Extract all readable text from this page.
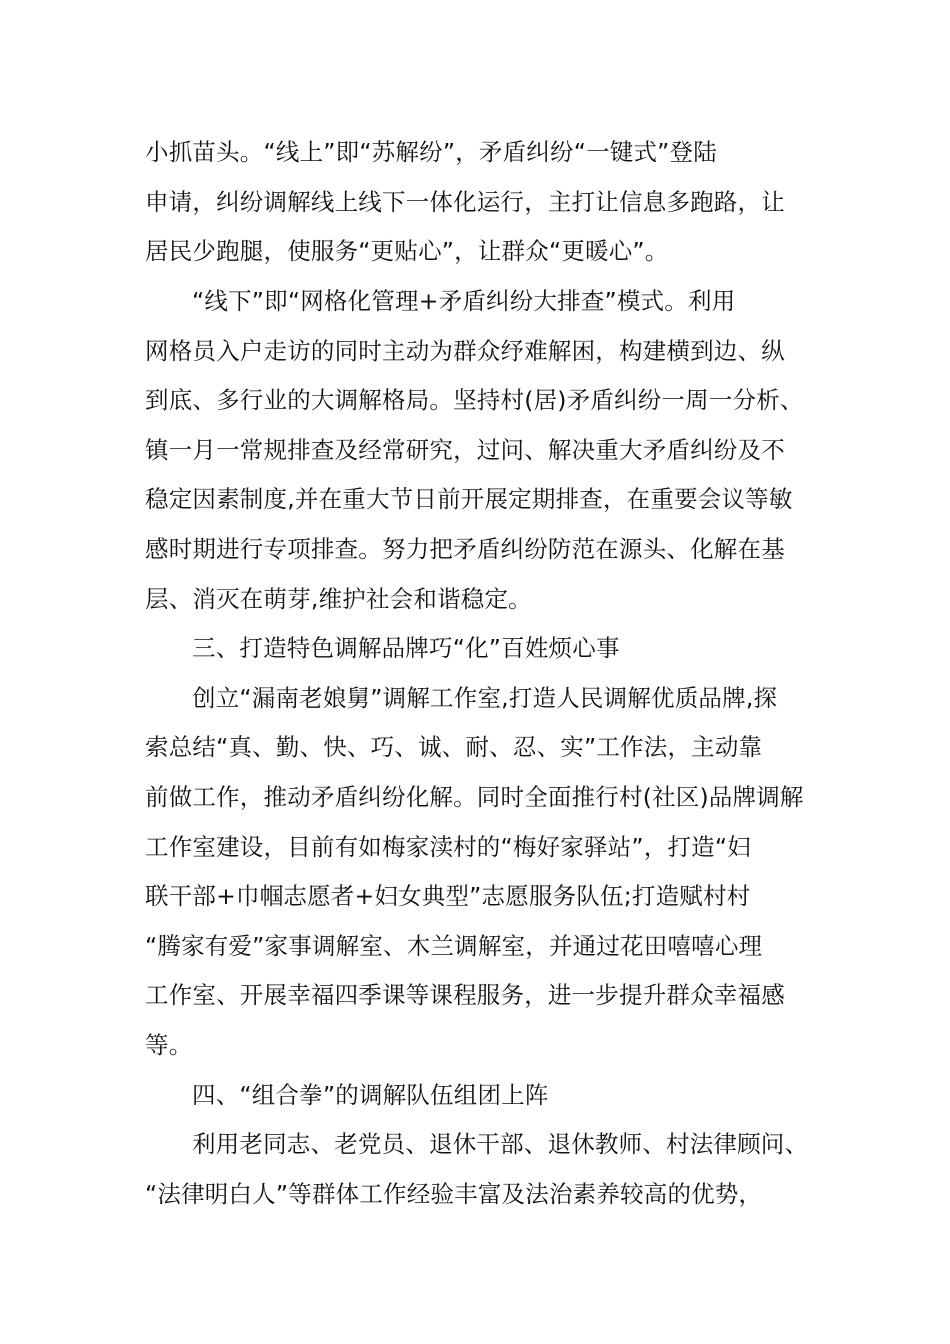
小抓苗头。“线上”即“苏解纷”，矛盾纠纷“一键式”登陆
申请，纠纷调解线上线下一体化运行，主打让信息多跑路，让
居民少跑腿，使服务“更贴心”，让群众“更暖心”。
“线下”即“网格化管理+矛盾纠纷大排查”模式。利用
网格员入户走访的同时主动为群众纾难解困，构建横到边、纵
到底、多行业的大调解格局。坚持村(居)矛盾纠纷一周一分析、
镇一月一常规排查及经常研究，过问、解决重大矛盾纠纷及不
稳定因素制度,并在重大节日前开展定期排查，在重要会议等敏
感时期进行专项排查。努力把矛盾纠纷防范在源头、化解在基
层、消灭在萌芽,维护社会和谐稳定。
三、打造特色调解品牌巧“化”百姓烦心事
创立“漏南老娘舅”调解工作室,打造人民调解优质品牌,探
索总结“真、勤、快、巧、诚、耐、忍、实”工作法，主动靠
前做工作，推动矛盾纠纷化解。同时全面推行村(社区)品牌调解
工作室建设，目前有如梅家渎村的“梅好家驿站”，打造“妇
联干部+巾帼志愿者+妇女典型”志愿服务队伍;打造赋村村
“腾家有爱”家事调解室、木兰调解室，并通过花田嘻嘻心理
工作室、开展幸福四季课等课程服务，进一步提升群众幸福感
等。
四、“组合拳”的调解队伍组团上阵
利用老同志、老党员、退休干部、退休教师、村法律顾问、
“法律明白人”等群体工作经验丰富及法治素养较高的优势，
